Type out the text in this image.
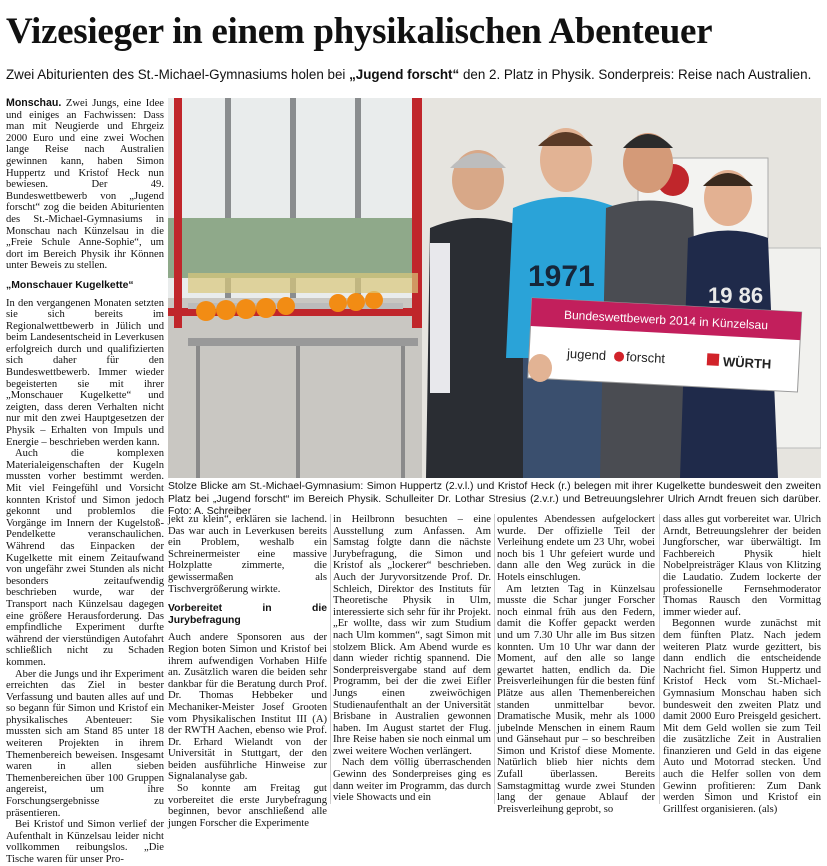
Vizesieger in einem physikalischen Abenteuer
Zwei Abiturienten des St.-Michael-Gymnasiums holen bei „Jugend forscht“ den 2. Platz in Physik. Sonderpreis: Reise nach Australien.

Monschau. Zwei Jungs, eine Idee und einiges an Fachwissen: Dass man mit Neugierde und Ehrgeiz 2000 Euro und eine zwei Wochen lange Reise nach Australien gewinnen kann, haben Simon Huppertz und Kristof Heck nun bewiesen. Der 49. Bundeswettbewerb von „Jugend forscht“ zog die beiden Abiturienten des St.-Michael-Gymnasiums in Monschau nach Künzelsau in die „Freie Schule Anne-Sophie“, um dort im Bereich Physik ihr Können unter Beweis zu stellen.

„Monschauer Kugelkette“

In den vergangenen Monaten setzten sie sich bereits im Regionalwettbewerb in Jülich und beim Landesentscheid in Leverkusen erfolgreich durch und qualifizierten sich daher für den Bundeswettbewerb. Immer wieder begeisterten sie mit ihrer „Monschauer Kugelkette“ und zeigten, dass deren Verhalten nicht nur mit den zwei Hauptgesetzen der Physik – Erhalten von Impuls und Energie – beschrieben werden kann.

Auch die komplexen Materialeigenschaften der Kugeln mussten vorher bestimmt werden. Mit viel Feingefühl und Vorsicht konnten Kristof und Simon jedoch gekonnt und problemlos die Vorgänge im Innern der Kugelstoß-Pendelkette veranschaulichen. Während das Einpacken der Kugelkette mit einem Zeitaufwand von ungefähr zwei Stunden als nicht besonders zeitaufwendig beschrieben wurde, war der Transport nach Künzelsau dagegen eine größere Herausforderung. Das empfindliche Experiment durfte während der vierstündigen Autofahrt schließlich nicht zu Schaden kommen.

Aber die Jungs und ihr Experiment erreichten das Ziel in bester Verfassung und bauten alles auf und so begann für Simon und Kristof ein physikalisches Abenteuer: Sie mussten sich am Stand 85 unter 18 weiteren Projekten in ihrem Themenbereich beweisen. Insgesamt waren in allen sieben Themenbereichen über 100 Gruppen angereist, um ihre Forschungsergebnisse zu präsentieren.

Bei Kristof und Simon verlief der Aufenthalt in Künzelsau leider nicht vollkommen reibungslos. „Die Tische waren für unser Pro-

1971
19 86
Bundeswettbewerb 2014 in Künzelsau
jugend forscht	WÜRTH
Stolze Blicke am St.-Michael-Gymnasium: Simon Huppertz (2.v.l.) und Kristof Heck (r.) belegen mit ihrer Kugelkette bundesweit den zweiten Platz bei „Jugend forscht“ im Bereich Physik. Schulleiter Dr. Lothar Stresius (2.v.r.) und Betreuungslehrer Ulrich Arndt freuen sich darüber. Foto: A. Schreiber

jekt zu klein“, erklären sie lachend. Das war auch in Leverkusen bereits ein Problem, weshalb ein Schreinermeister eine massive Holzplatte zimmerte, die gewissermaßen als Tischvergrößerung wirkte.

Vorbereitet in die Jurybefragung

Auch andere Sponsoren aus der Region boten Simon und Kristof bei ihrem aufwendigen Vorhaben Hilfe an. Zusätzlich waren die beiden sehr dankbar für die Beratung durch Prof. Dr. Thomas Hebbeker und Mechaniker-Meister Josef Grooten vom Physikalischen Institut III (A) der RWTH Aachen, ebenso wie Prof. Dr. Erhard Wielandt von der Universität in Stuttgart, der den beiden ausführliche Hinweise zur Signalanalyse gab.

So konnte am Freitag gut vorbereitet die erste Jurybefragung beginnen, bevor anschließend alle jungen Forscher die Experimente

in Heilbronn besuchten – eine Ausstellung zum Anfassen. Am Samstag folgte dann die nächste Jurybefragung, die Simon und Kristof als „lockerer“ beschrieben. Auch der Juryvorsitzende Prof. Dr. Schleich, Direktor des Instituts für Theoretische Physik in Ulm, interessierte sich sehr für ihr Projekt. „Er wollte, dass wir zum Studium nach Ulm kommen“, sagt Simon mit stolzem Blick. Am Abend wurde es dann wieder richtig spannend. Die Sonderpreisvergabe stand auf dem Programm, bei der die zwei Eifler Jungs einen zweiwöchigen Studienaufenthalt an der Universität Brisbane in Australien gewonnen haben. Im August startet der Flug. Ihre Reise haben sie noch einmal um zwei weitere Wochen verlängert.

Nach dem völlig überraschenden Gewinn des Sonderpreises ging es dann weiter im Programm, das durch viele Showacts und ein

opulentes Abendessen aufgelockert wurde. Der offizielle Teil der Verleihung endete um 23 Uhr, wobei noch bis 1 Uhr gefeiert wurde und dann alle den Weg zurück in die Hotels einschlugen.

Am letzten Tag in Künzelsau musste die Schar junger Forscher noch einmal früh aus den Federn, damit die Koffer gepackt werden und um 7.30 Uhr alle im Bus sitzen konnten. Um 10 Uhr war dann der Moment, auf den alle so lange gewartet hatten, endlich da. Die Preisverleihungen für die besten fünf Plätze aus allen Themenbereichen standen unmittelbar bevor. Dramatische Musik, mehr als 1000 jubelnde Menschen in einem Raum und Gänsehaut pur – so beschreiben Simon und Kristof diese Momente. Natürlich blieb hier nichts dem Zufall überlassen. Bereits Samstagmittag wurde zwei Stunden lang der genaue Ablauf der Preisverleihung geprobt, so

dass alles gut vorbereitet war. Ulrich Arndt, Betreuungslehrer der beiden Jungforscher, war überwältigt. Im Fachbereich Physik hielt Nobelpreisträger Klaus von Klitzing die Laudatio. Zudem lockerte der professionelle Fernsehmoderator Thomas Rausch den Vormittag immer wieder auf.

Begonnen wurde zunächst mit dem fünften Platz. Nach jedem weiteren Platz wurde gezittert, bis dann endlich die entscheidende Nachricht fiel. Simon Huppertz und Kristof Heck vom St.-Michael-Gymnasium Monschau haben sich bundesweit den zweiten Platz und damit 2000 Euro Preisgeld gesichert. Mit dem Geld wollen sie zum Teil die zusätzliche Zeit in Australien finanzieren und Geld in das eigene Auto und Motorrad stecken. Und auch die Helfer sollen von dem Gewinn profitieren: Zum Dank werden Simon und Kristof ein Grillfest organisieren. (als)
